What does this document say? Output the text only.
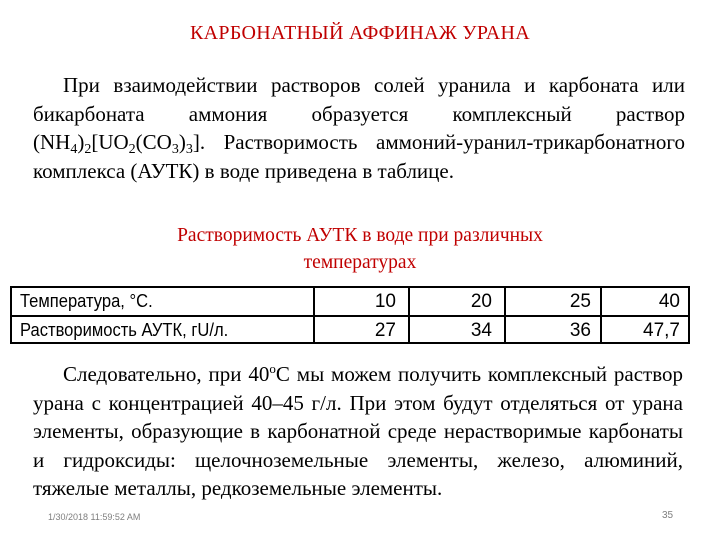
КАРБОНАТНЫЙ АФФИНАЖ УРАНА

При взаимодействии растворов солей уранила и карбоната или бикарбоната аммония образуется комплексный раствор $(NH_4)_2[UO_2(CO_3)_3]$. Растворимость аммоний-уранил-трикарбонатного комплекса (АУТК) в воде приведена в таблице.

Растворимость АУТК в воде при различных температурах
Температура, °С.	10	20	25	40
Растворимость АУТК, гU/л.	27	34	36	47,7

Следовательно, при $40^оС$ мы можем получить комплексный раствор урана с концентрацией 40–45 г/л. При этом будут отделяться от урана элементы, образующие в карбонатной среде нерастворимые карбонаты и гидроксиды: щелочноземельные элементы, железо, алюминий, тяжелые металлы, редкоземельные элементы.

1/30/2018 11:59:52 AM	35
